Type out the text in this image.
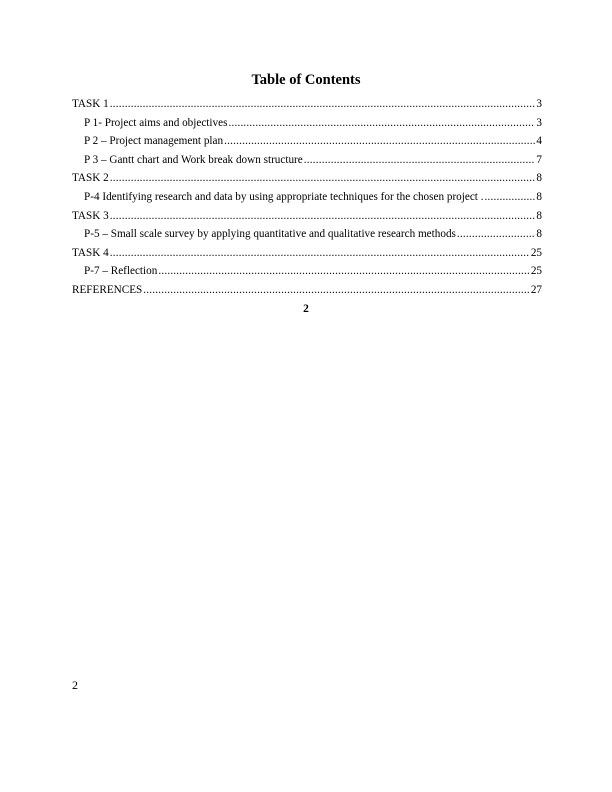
Table of Contents
TASK 1 .....	3
P 1- Project aims and objectives .....	3
P 2 – Project management plan .....	4
P 3 – Gantt chart and Work break down structure .....	7
TASK 2 .....	8
P-4 Identifying research and data by using appropriate techniques for the chosen project . .....	8
TASK 3 .....	8
P-5 – Small scale survey by applying quantitative and qualitative research methods .....	8
TASK 4 .....	25
P-7 – Reflection .....	25
REFERENCES .....	27
2
2
